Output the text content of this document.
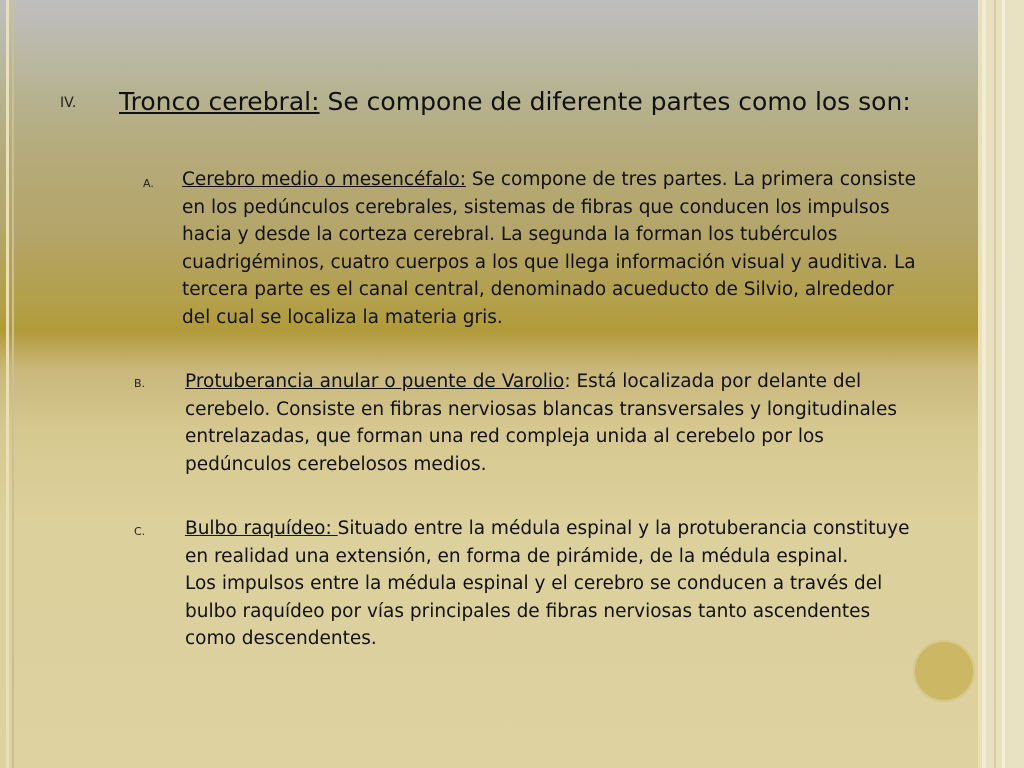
IV. Tronco cerebral: Se compone de diferente partes como los son:
A. Cerebro medio o mesencéfalo: Se compone de tres partes. La primera consiste
en los pedúnculos cerebrales, sistemas de fibras que conducen los impulsos
hacia y desde la corteza cerebral. La segunda la forman los tubérculos
cuadrigéminos, cuatro cuerpos a los que llega información visual y auditiva. La
tercera parte es el canal central, denominado acueducto de Silvio, alrededor
del cual se localiza la materia gris.
B. Protuberancia anular o puente de Varolio: Está localizada por delante del
cerebelo. Consiste en fibras nerviosas blancas transversales y longitudinales
entrelazadas, que forman una red compleja unida al cerebelo por los
pedúnculos cerebelosos medios.
C. Bulbo raquídeo: Situado entre la médula espinal y la protuberancia constituye
en realidad una extensión, en forma de pirámide, de la médula espinal.
Los impulsos entre la médula espinal y el cerebro se conducen a través del
bulbo raquídeo por vías principales de fibras nerviosas tanto ascendentes
como descendentes.
